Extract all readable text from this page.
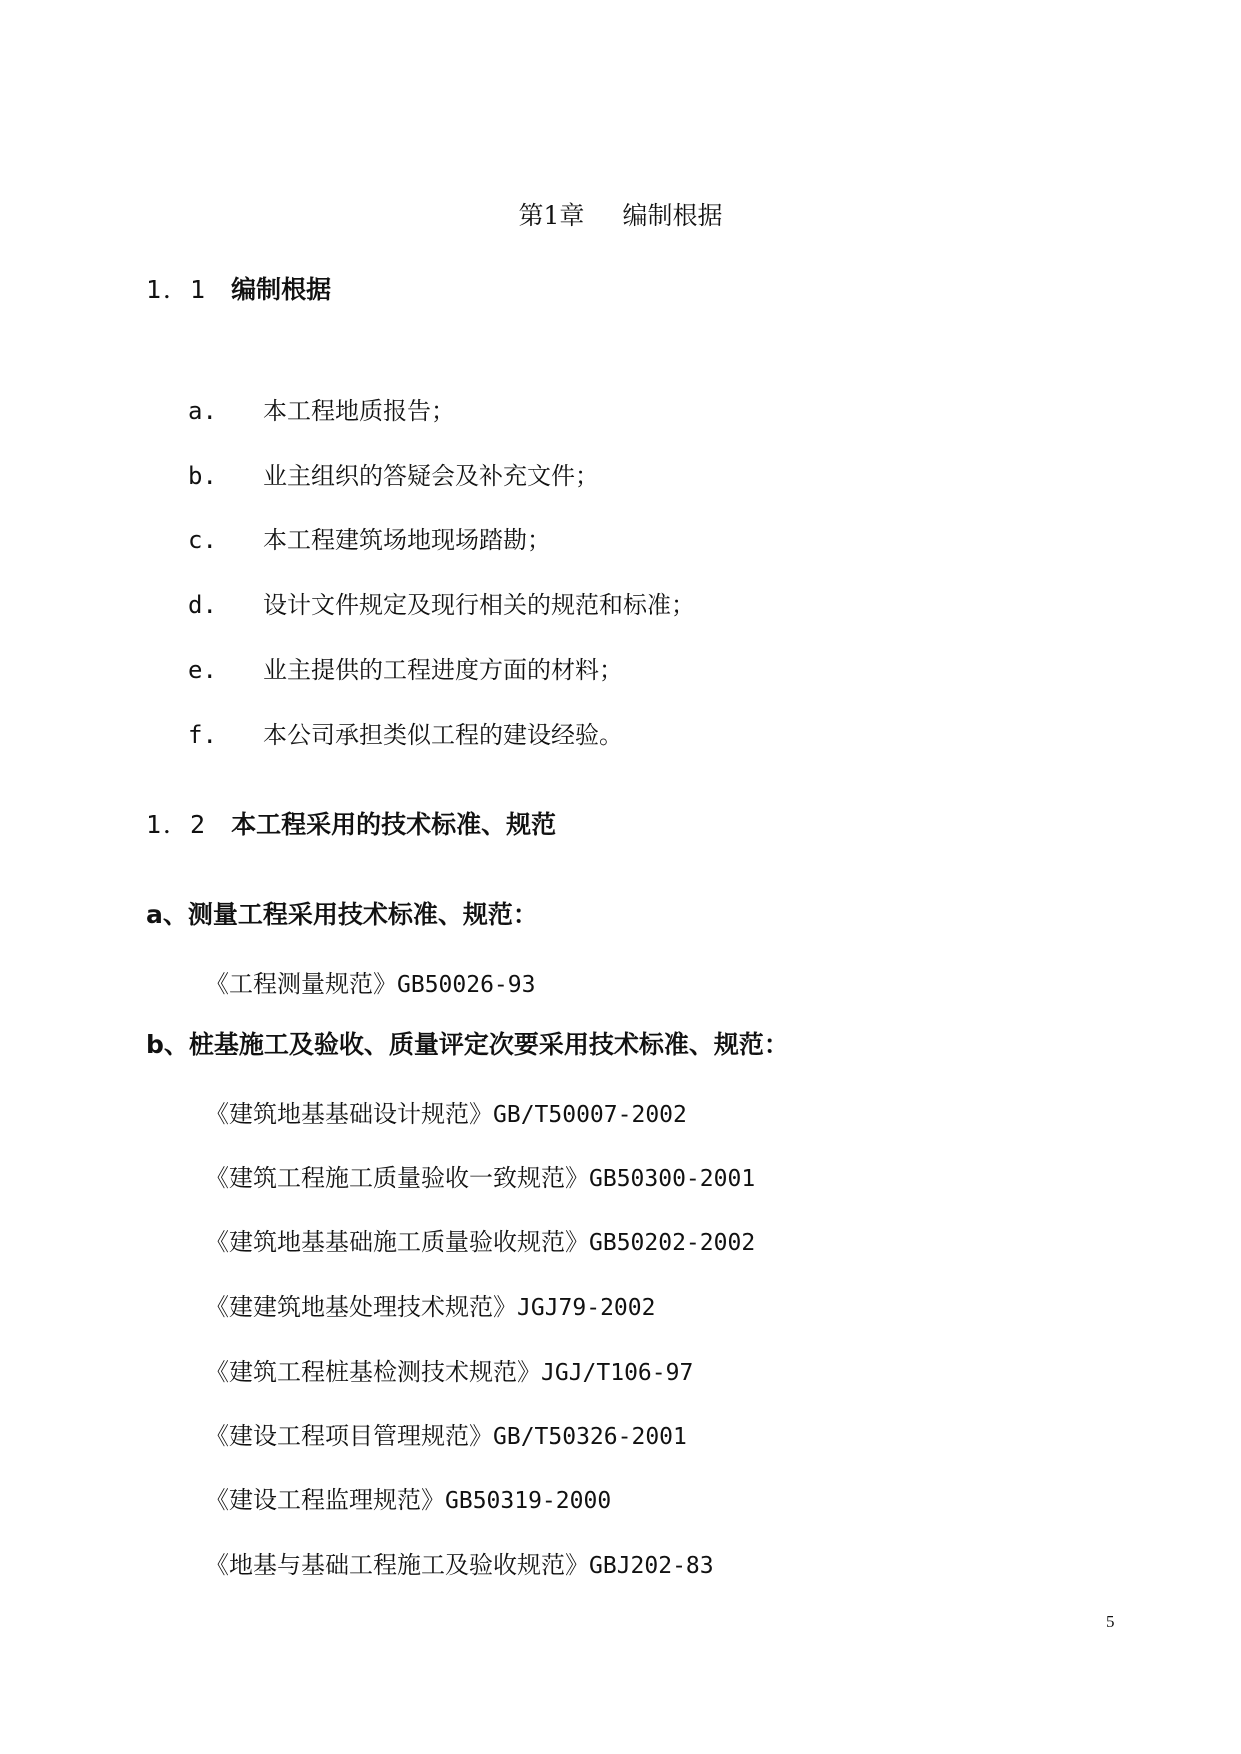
第1章 编制根据
1．1 编制根据
a. 本工程地质报告；
b. 业主组织的答疑会及补充文件；
c. 本工程建筑场地现场踏勘；
d. 设计文件规定及现行相关的规范和标准；
e. 业主提供的工程进度方面的材料；
f. 本公司承担类似工程的建设经验。
1．2 本工程采用的技术标准、规范
a、测量工程采用技术标准、规范：
《工程测量规范》GB50026-93
b、桩基施工及验收、质量评定次要采用技术标准、规范：
《建筑地基基础设计规范》GB/T50007-2002
《建筑工程施工质量验收一致规范》GB50300-2001
《建筑地基基础施工质量验收规范》GB50202-2002
《建建筑地基处理技术规范》JGJ79-2002
《建筑工程桩基检测技术规范》JGJ/T106-97
《建设工程项目管理规范》GB/T50326-2001
《建设工程监理规范》GB50319-2000
《地基与基础工程施工及验收规范》GBJ202-83
5
